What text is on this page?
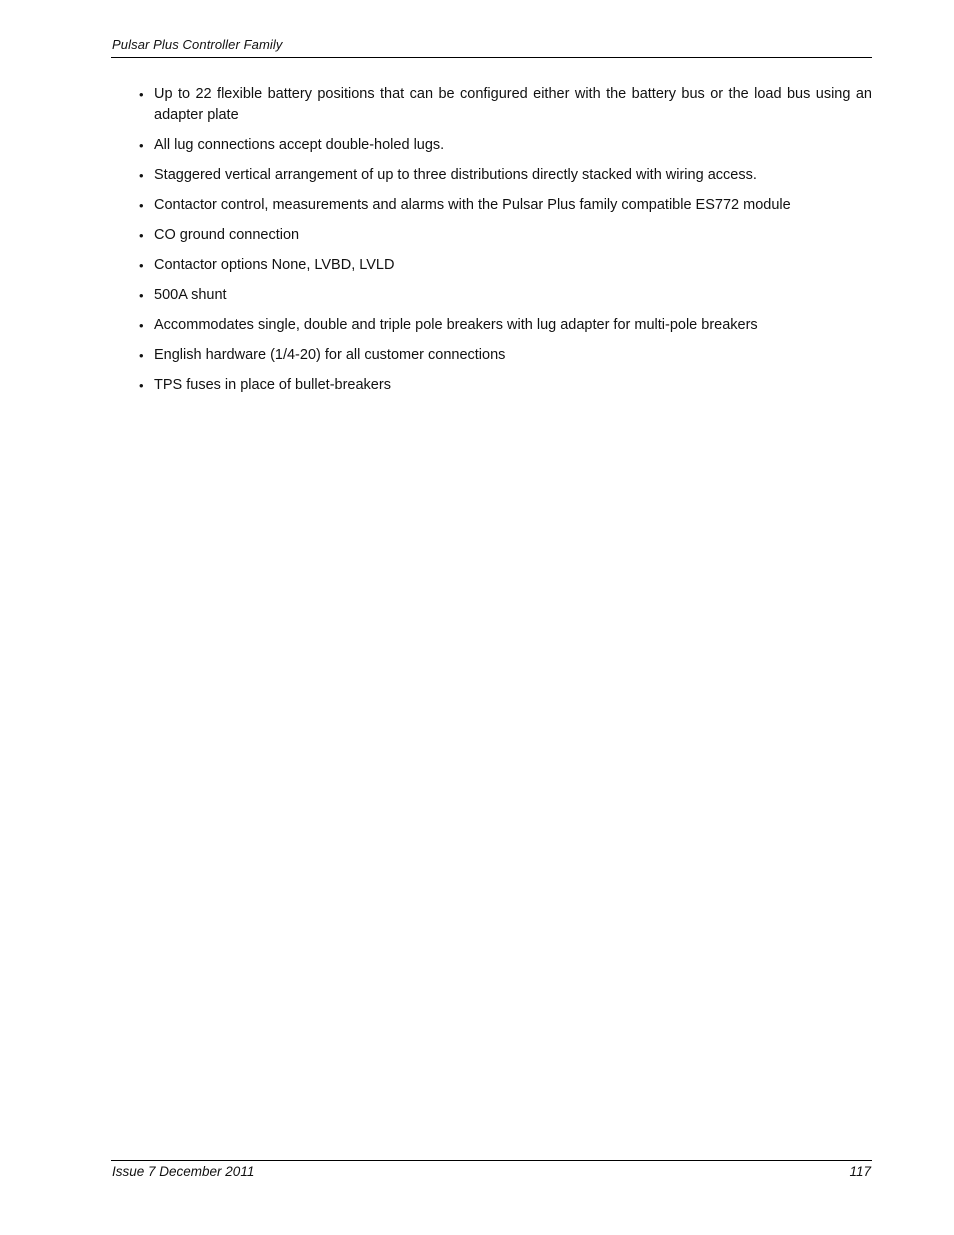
Pulsar Plus Controller Family
• Up to 22 flexible battery positions that can be configured either with the battery bus or the load bus using an adapter plate
• All lug connections accept double-holed lugs.
• Staggered vertical arrangement of up to three distributions directly stacked with wiring access.
• Contactor control, measurements and alarms with the Pulsar Plus family compatible ES772 module
• CO ground connection
• Contactor options None, LVBD, LVLD
• 500A shunt
• Accommodates single, double and triple pole breakers with lug adapter for multi-pole breakers
• English hardware (1/4-20) for all customer connections
• TPS fuses in place of bullet-breakers
Issue 7 December 2011	117
